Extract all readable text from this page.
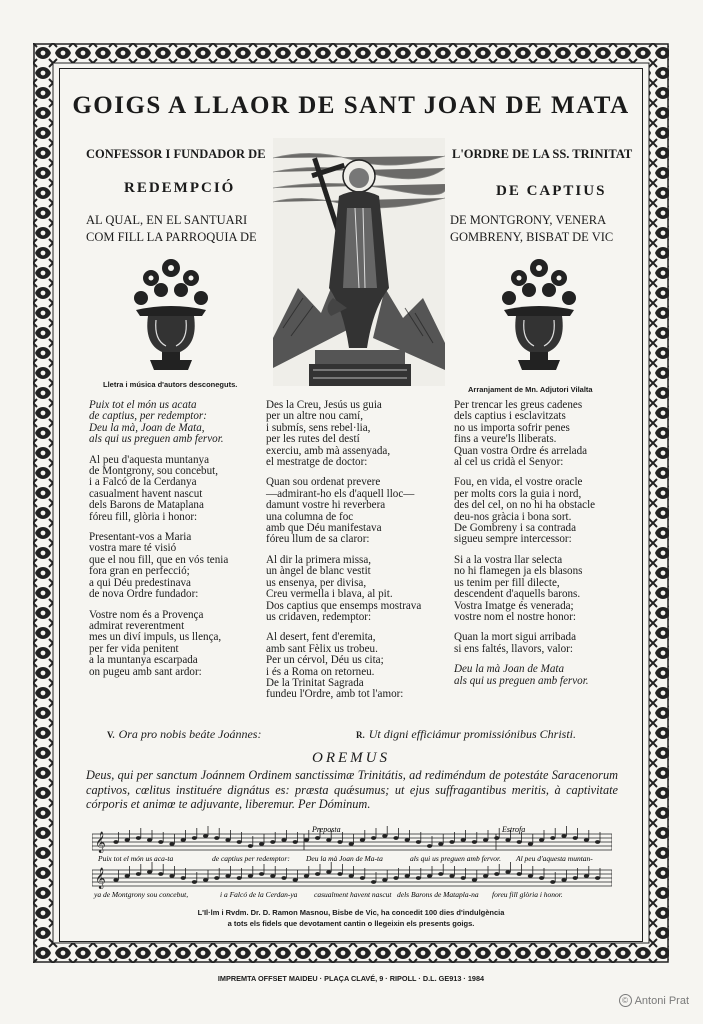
GOIGS A LLAOR DE SANT JOAN DE MATA
CONFESSOR I FUNDADOR DE	L'ORDRE DE LA SS. TRINITAT
REDEMPCIÓ	DE CAPTIUS
AL QUAL, EN EL SANTUARI
COM FILL LA PARROQUIA DE
DE MONTGRONY, VENERA
GOMBRENY, BISBAT DE VIC
Lletra i música d'autors desconeguts.
Arranjament de Mn. Adjutori Vilalta
Puix tot el món us acata
de captius, per redemptor:
Deu la mà, Joan de Mata,
als qui us preguen amb fervor.
Al peu d'aquesta muntanya
de Montgrony, sou concebut,
i a Falcó de la Cerdanya
casualment havent nascut
dels Barons de Mataplana
fóreu fill, glòria i honor:
Presentant-vos a Maria
vostra mare té visió
que el nou fill, que en vós tenia
fora gran en perfecció;
a qui Déu predestinava
de nova Ordre fundador:
Vostre nom és a Provença
admirat reverentment
mes un diví impuls, us llença,
per fer vida penitent
a la muntanya escarpada
on pugeu amb sant ardor:
Des la Creu, Jesús us guia
per un altre nou camí,
i submís, sens rebel·lia,
per les rutes del destí
exerciu, amb mà assenyada,
el mestratge de doctor:
Quan sou ordenat prevere
—admirant-ho els d'aquell lloc—
damunt vostre hi reverbera
una columna de foc
amb que Déu manifestava
fóreu llum de sa claror:
Al dir la primera missa,
un àngel de blanc vestit
us ensenya, per divisa,
Creu vermella i blava, al pit.
Dos captius que ensemps mostrava
us cridaven, redemptor:
Al desert, fent d'eremita,
amb sant Fèlix us trobeu.
Per un cérvol, Déu us cita;
i és a Roma on retorneu.
De la Trinitat Sagrada
fundeu l'Ordre, amb tot l'amor:
Per trencar les greus cadenes
dels captius i esclavitzats
no us importa sofrir penes
fins a veure'ls lliberats.
Quan vostra Ordre és arrelada
al cel us cridà el Senyor:
Fou, en vida, el vostre oracle
per molts cors la guia i nord,
des del cel, on no hi ha obstacle
deu-nos gràcia i bona sort.
De Gombreny i sa contrada
sigueu sempre intercessor:
Si a la vostra llar selecta
no hi flamegen ja els blasons
us tenim per fill dilecte,
descendent d'aquells barons.
Vostra Imatge és venerada;
vostre nom el nostre honor:
Quan la mort sigui arribada
si ens faltés, llavors, valor:
Deu la mà Joan de Mata
als qui us preguen amb fervor.
V. Ora pro nobis beáte Joánnes:	R. Ut digni efficiámur promissiónibus Christi.
OREMUS
Deus, qui per sanctum Joánnem Ordinem sanctissimæ Trinitátis, ad rediméndum de potestáte Saracenorum captivos, cœlitus instituére dignátus es: præsta quǽsumus; ut ejus suffragantibus meritis, à captivitate córporis et animœ te adjuvante, liberemur. Per Dóminum.
𝄞
𝄞
Preposta	Estrofa
Puix tot el món us aca-ta	de captius per redemptor: Deu la mà Joan de Ma-ta	als qui us preguen amb fervor. Al peu d'aquesta muntan-
ya de Montgrony sou concebut,	i a Falcó de la Cerdan-ya casualment havent nascut dels Barons de Matapla-na foreu fill glòria i honor.
L'Il·lm i Rvdm. Dr. D. Ramon Masnou, Bisbe de Vic, ha concedit 100 dies d'indulgència
a tots els fidels que devotament cantin o llegeixin els presents goigs.
IMPREMTA OFFSET MAIDEU · PLAÇA CLAVÉ, 9 · RIPOLL · D.L. GE913 · 1984
© Antoni Prat
